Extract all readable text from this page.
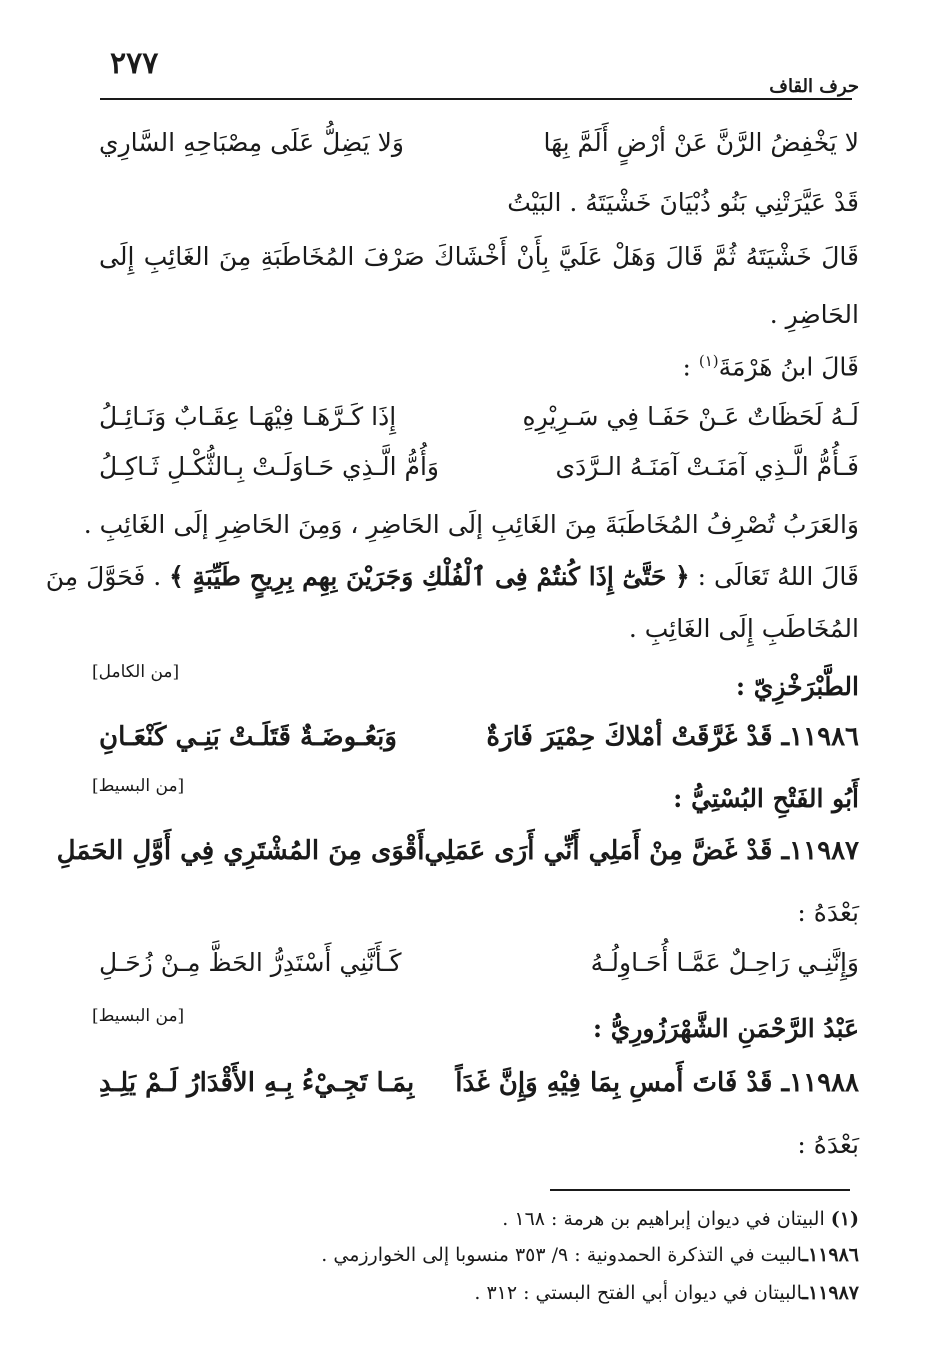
٢٧٧
حرف القاف
لا يَخْفِضُ الرَّنَّ عَنْ أرْضٍ أَلَمَّ بِهَا
وَلا يَضِلُّ عَلَى مِصْبَاحِهِ السَّارِي
قَدْ عَيَّرَتْنِي بَنُو ذُبْيَانَ خَشْيَتَهُ . البَيْتُ
قَالَ خَشْيَتَهُ ثُمَّ قَالَ وَهَلْ عَلَيَّ بِأَنْ أَخْشَاكَ صَرْفَ المُخَاطَبَةِ مِنَ الغَائِبِ إِلَى
الحَاضِرِ .
قَالَ ابنُ هَرْمَةَ$^{(١)}$ :
لَـهُ لَحَظَاتٌ عَـنْ حَفَـا فِي سَـرِيْرِهِ
إِذَا كَـرَّهَـا فِيْهَـا عِقَـابٌ وَنَـائِـلُ
فَـأُمُّ الَّـذِي آمَنَـتْ آمَنَـهُ الـرَّدَى
وَأُمُّ الَّـذِي حَـاوَلَـتْ بِـالثُّكْـلِ ثَـاكِـلُ
وَالعَرَبُ تُصْرِفُ المُخَاطَبَةَ مِنَ الغَائِبِ إلَى الحَاضِرِ ، وَمِنَ الحَاضِرِ إلَى الغَائِبِ .
قَالَ اللهُ تَعَالَى : ﴿ حَتَّىٰٓ إِذَا كُنتُمْ فِى ٱلْفُلْكِ وَجَرَيْنَ بِهِم بِرِيحٍ طَيِّبَةٍ ﴾ . فَحَوَّلَ مِنَ
المُخَاطَبِ إِلَى الغَائِبِ .
الطَّبْرَخْزِيّ :
[من الكامل]
١١٩٨٦ـ قَدْ غَرَّقَتْ أمْلاكَ حِمْيَرَ فَارَةٌ
وَبَعُـوضَـةٌ قَتَلَـتْ بَنِـي كَنْعَـانِ
أَبُو الفَتْحِ البُسْتِيُّ :
[من البسيط]
١١٩٨٧ـ قَدْ غَضَّ مِنْ أَمَلِي أَنِّي أَرَى عَمَلِي
أَقْوَى مِنَ المُشْتَرِي فِي أَوَّلِ الحَمَلِ
بَعْدَهُ :
وَإِنَّنِـي رَاحِـلٌ عَمَّـا أُحَـاوِلُـهُ
كَـأَنَّنِي أَسْتَدِرُّ الحَظَّ مِـنْ زُحَـلِ
عَبْدُ الرَّحْمَنِ الشَّهْرَزُورِيُّ :
[من البسيط]
١١٩٨٨ـ قَدْ فَاتَ أَمسِ بِمَا فِيْهِ وَإِنَّ غَدَاً
بِمَـا تَجِـيْءُ بِـهِ الأَقْدَارُ لَـمْ يَلِـدِ
بَعْدَهُ :
(١) البيتان في ديوان إبراهيم بن هرمة : ١٦٨ .
١١٩٨٦ـالبيت في التذكرة الحمدونية : ٩/ ٣٥٣ منسوبا إلى الخوارزمي .
١١٩٨٧ـالبيتان في ديوان أبي الفتح البستي : ٣١٢ .
